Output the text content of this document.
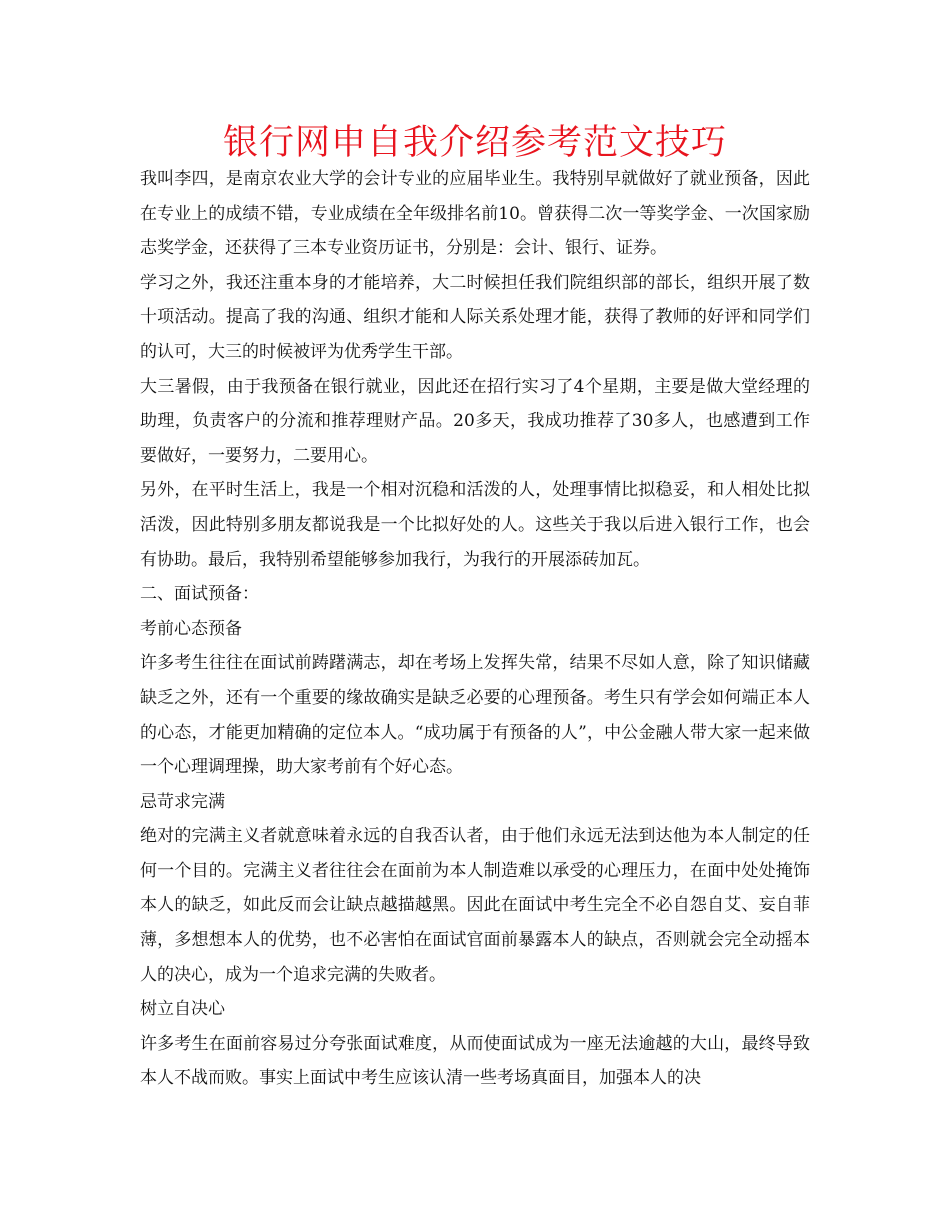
银行网申自我介绍参考范文技巧

我叫李四，是南京农业大学的会计专业的应届毕业生。我特别早就做好了就业预备，因此在专业上的成绩不错，专业成绩在全年级排名前10。曾获得二次一等奖学金、一次国家励志奖学金，还获得了三本专业资历证书，分别是：会计、银行、证券。

学习之外，我还注重本身的才能培养，大二时候担任我们院组织部的部长，组织开展了数十项活动。提高了我的沟通、组织才能和人际关系处理才能，获得了教师的好评和同学们的认可，大三的时候被评为优秀学生干部。

大三暑假，由于我预备在银行就业，因此还在招行实习了4个星期，主要是做大堂经理的助理，负责客户的分流和推荐理财产品。20多天，我成功推荐了30多人，也感遭到工作要做好，一要努力，二要用心。

另外，在平时生活上，我是一个相对沉稳和活泼的人，处理事情比拟稳妥，和人相处比拟活泼，因此特别多朋友都说我是一个比拟好处的人。这些关于我以后进入银行工作，也会有协助。最后，我特别希望能够参加我行，为我行的开展添砖加瓦。

二、面试预备：

考前心态预备

许多考生往往在面试前踌躇满志，却在考场上发挥失常，结果不尽如人意，除了知识储藏缺乏之外，还有一个重要的缘故确实是缺乏必要的心理预备。考生只有学会如何端正本人的心态，才能更加精确的定位本人。“成功属于有预备的人”，中公金融人带大家一起来做一个心理调理操，助大家考前有个好心态。

忌苛求完满

绝对的完满主义者就意味着永远的自我否认者，由于他们永远无法到达他为本人制定的任何一个目的。完满主义者往往会在面前为本人制造难以承受的心理压力，在面中处处掩饰本人的缺乏，如此反而会让缺点越描越黑。因此在面试中考生完全不必自怨自艾、妄自菲薄，多想想本人的优势，也不必害怕在面试官面前暴露本人的缺点，否则就会完全动摇本人的决心，成为一个追求完满的失败者。

树立自决心

许多考生在面前容易过分夸张面试难度，从而使面试成为一座无法逾越的大山，最终导致本人不战而败。事实上面试中考生应该认清一些考场真面目，加强本人的决
